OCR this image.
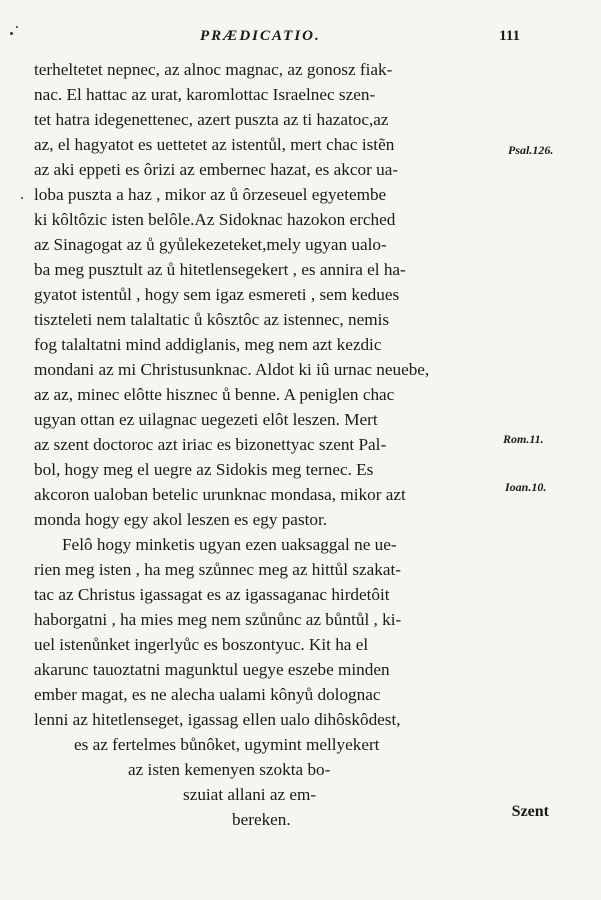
PRÆDICATIO.	111
terheltetet nepnec, az alnoc magnac, az gonosz fiak-
nac. El hattac az urat, karomlottac Israelnec szen-
tet hatra idegenettenec, azert puszta az ti hazatoc,az
az, el hagyatot es uettetet az istentůl, mert chac istẽn
az aki eppeti es ôrizi az embernec hazat, es akcor ua-
loba puszta a haz , mikor az ů ôrzeseuel egyetembe
ki kôltôzic isten belôle.Az Sidoknac hazokon erched
az Sinagogat az ů gyůlekezeteket,mely ugyan ualo-
ba meg pusztult az ů hitetlensegekert , es annira el ha-
gyatot istentůl , hogy sem igaz esmereti , sem kedues
tiszteleti nem talaltatic ů kôsztôc az istennec, nemis
fog talaltatni mind addiglanis, meg nem azt kezdic
mondani az mi Christusunknac. Aldot ki iû urnac neuebe,
az az, minec elôtte hisznec ů benne. A peniglen chac
ugyan ottan ez uilagnac uegezeti elôt leszen. Mert
az szent doctoroc azt iriac es bizonettyac szent Pal-
bol, hogy meg el uegre az Sidokis meg ternec. Es
akcoron ualoban betelic urunknac mondasa, mikor azt
monda hogy egy akol leszen es egy pastor.
Felô hogy minketis ugyan ezen uaksaggal ne ue-
rien meg isten , ha meg szůnnec meg az hittůl szakat-
tac az Christus igassagat es az igassaganac hirdetôit
haborgatni , ha mies meg nem szůnůnc az bůntůl , ki-
uel istenůnket ingerlyůc es boszontyuc. Kit ha el
akarunc tauoztatni magunktul uegye eszebe minden
ember magat, es ne alecha ualami kônyů dolognac
lenni az hitetlenseget, igassag ellen ualo dihôskôdest,
es az fertelmes bůnôket, ugymint mellyekert
az isten kemenyen szokta bo-
szuiat allani az em-
bereken.
Psal.126.
Rom.11.
Ioan.10.
Szent
